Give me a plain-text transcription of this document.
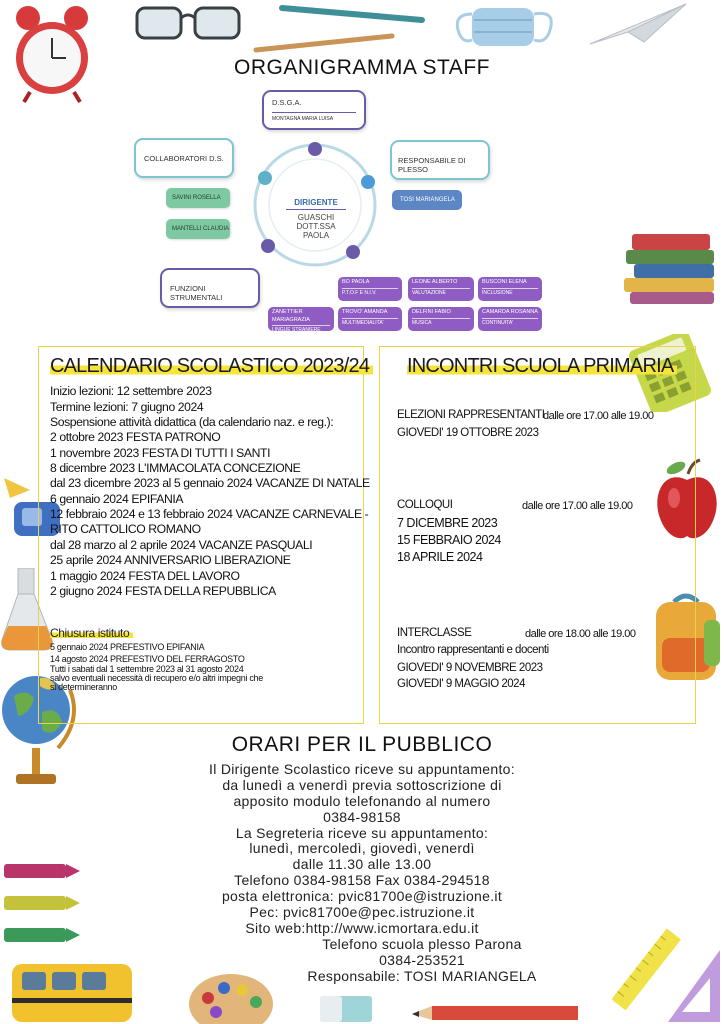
ORGANIGRAMMA STAFF
DIRIGENTE
GUASCHI
DOTT.SSA PAOLA
D.S.G.A.
MONTAGNA MARIA LUISA
COLLABORATORI D.S.
SAVINI ROSELLA
MANTELLI CLAUDIA
RESPONSABILE DI PLESSO
TOSI MARIANGELA
FUNZIONI STRUMENTALI
BO PAOLA
P.T.O.F E N.I.V.
LEONE ALBERTO
VALUTAZIONE
BUSCONI ELENA
INCLUSIONE
ZANETTIER MARIAGRAZIA
LINGUE STRANIERE
TROVO' AMANDA
MULTIMEDIALITA'
DELFINI FABIO
MUSICA
CAMARDA ROSANNA
CONTINUITA'
CALENDARIO SCOLASTICO 2023/24
Inizio lezioni: 12 settembre 2023
Termine lezioni: 7 giugno 2024
Sospensione attività didattica (da calendario naz. e reg.):
2 ottobre 2023 FESTA PATRONO
1 novembre 2023 FESTA DI TUTTI I SANTI
8 dicembre 2023 L'IMMACOLATA CONCEZIONE
dal 23 dicembre 2023 al 5 gennaio 2024 VACANZE DI NATALE
6 gennaio 2024 EPIFANIA
12 febbraio 2024 e 13 febbraio 2024 VACANZE CARNEVALE -
RITO CATTOLICO ROMANO
dal 28 marzo al 2 aprile 2024 VACANZE PASQUALI
25 aprile 2024 ANNIVERSARIO LIBERAZIONE
1 maggio 2024 FESTA DEL LAVORO
2 giugno 2024 FESTA DELLA REPUBBLICA
Chiusura istituto
5 gennaio 2024 PREFESTIVO EPIFANIA
14 agosto 2024 PREFESTIVO DEL FERRAGOSTO
Tutti i sabati dal 1 settembre 2023 al 31 agosto 2024
salvo eventuali necessità di recupero e/o altri impegni che
si determineranno
INCONTRI SCUOLA PRIMARIA
ELEZIONI RAPPRESENTANTI
dalle ore 17.00 alle 19.00
GIOVEDI' 19 OTTOBRE 2023
COLLOQUI	dalle ore 17.00 alle 19.00
7 DICEMBRE 2023
15 FEBBRAIO 2024
18 APRILE 2024
INTERCLASSE	dalle ore 18.00 alle 19.00
Incontro rappresentanti e docenti
GIOVEDI' 9 NOVEMBRE 2023
GIOVEDI' 9 MAGGIO 2024
ORARI PER IL PUBBLICO
Il Dirigente Scolastico riceve su appuntamento:
da lunedì a venerdì previa sottoscrizione di
apposito modulo telefonando al numero
0384-98158
La Segreteria riceve su appuntamento:
lunedì, mercoledì, giovedì, venerdì
dalle 11.30 alle 13.00
Telefono 0384-98158 Fax 0384-294518
posta elettronica: pvic81700e@istruzione.it
Pec: pvic81700e@pec.istruzione.it
Sito web:http://www.icmortara.edu.it
Telefono scuola plesso Parona
0384-253521
Responsabile: TOSI MARIANGELA
